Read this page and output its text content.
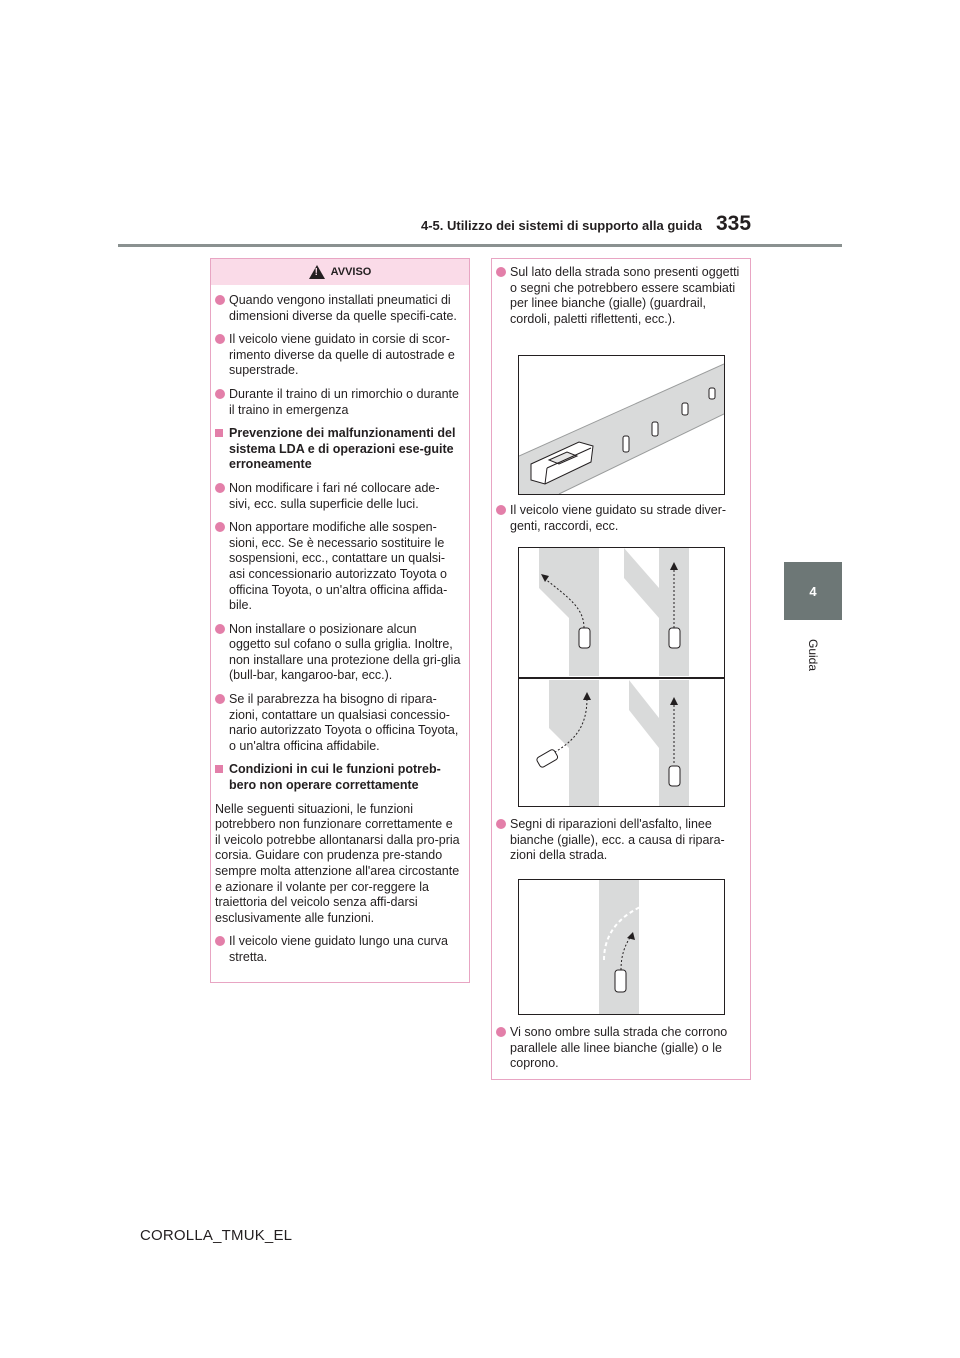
4-5. Utilizzo dei sistemi di supporto alla guida 335
4
Guida
!
AVVISO
Quando vengono installati pneumatici di dimensioni diverse da quelle specifi-cate.
Il veicolo viene guidato in corsie di scor-rimento diverse da quelle di autostrade e superstrade.
Durante il traino di un rimorchio o durante il traino in emergenza
Prevenzione dei malfunzionamenti del sistema LDA e di operazioni ese-guite erroneamente
Non modificare i fari né collocare ade-sivi, ecc. sulla superficie delle luci.
Non apportare modifiche alle sospen-sioni, ecc. Se è necessario sostituire le sospensioni, ecc., contattare un qualsi-asi concessionario autorizzato Toyota o officina Toyota, o un'altra officina affida-bile.
Non installare o posizionare alcun oggetto sul cofano o sulla griglia. Inoltre, non installare una protezione della gri-glia (bull-bar, kangaroo-bar, ecc.).
Se il parabrezza ha bisogno di ripara-zioni, contattare un qualsiasi concessio-nario autorizzato Toyota o officina Toyota, o un'altra officina affidabile.
Condizioni in cui le funzioni potreb-bero non operare correttamente
Nelle seguenti situazioni, le funzioni potrebbero non funzionare correttamente e il veicolo potrebbe allontanarsi dalla pro-pria corsia. Guidare con prudenza pre-stando sempre molta attenzione all'area circostante e azionare il volante per cor-reggere la traiettoria del veicolo senza affi-darsi esclusivamente alle funzioni.
Il veicolo viene guidato lungo una curva stretta.
Sul lato della strada sono presenti oggetti o segni che potrebbero essere scambiati per linee bianche (gialle) (guardrail, cordoli, paletti riflettenti, ecc.).
Il veicolo viene guidato su strade diver-genti, raccordi, ecc.
Segni di riparazioni dell'asfalto, linee bianche (gialle), ecc. a causa di ripara-zioni della strada.
Vi sono ombre sulla strada che corrono parallele alle linee bianche (gialle) o le coprono.
COROLLA_TMUK_EL
